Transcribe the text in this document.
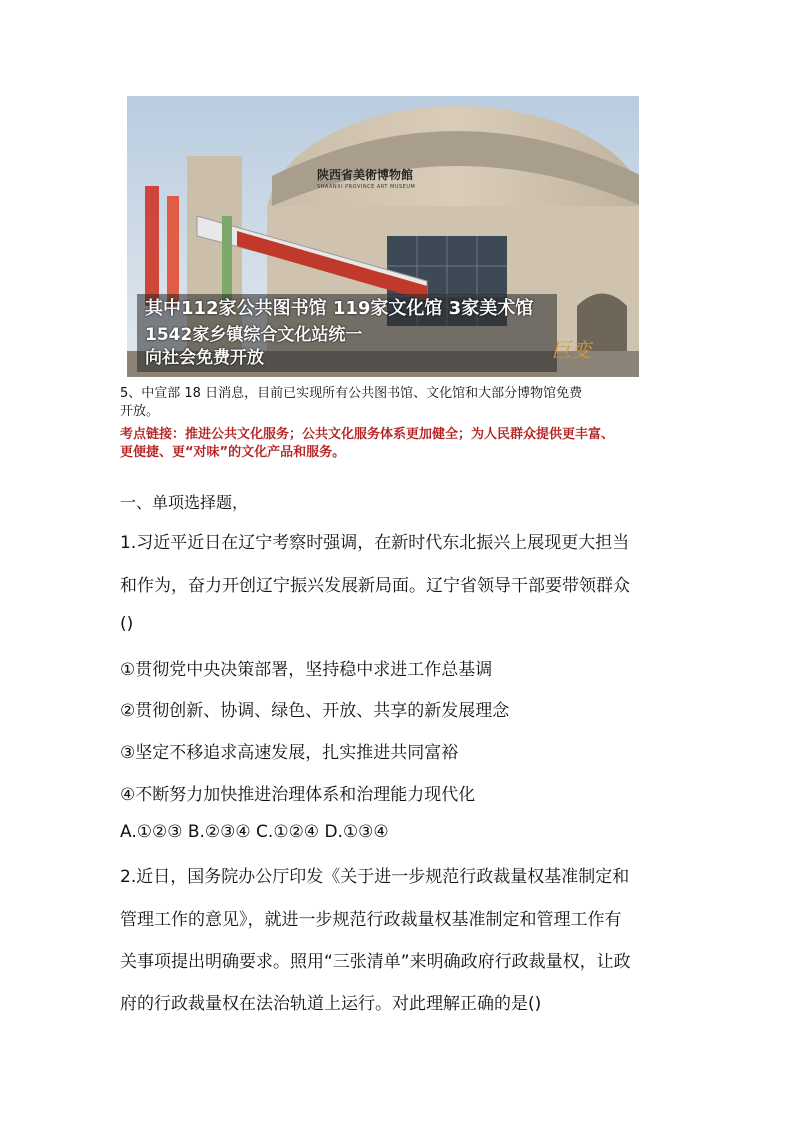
其中112家公共图书馆 119家文化馆 3家美术馆
1542家乡镇综合文化站统一
向社会免费开放
陕西省美術博物館
SHAANXI PROVINCE ART MUSEUM
巨变
5、中宣部 18 日消息，目前已实现所有公共图书馆、文化馆和大部分博物馆免费
开放。
考点链接：推进公共文化服务；公共文化服务体系更加健全；为人民群众提供更丰富、
更便捷、更“对味”的文化产品和服务。
一、单项选择题，
1.习近平近日在辽宁考察时强调，在新时代东北振兴上展现更大担当
和作为，奋力开创辽宁振兴发展新局面。辽宁省领导干部要带领群众
()
①贯彻党中央决策部署，坚持稳中求进工作总基调
②贯彻创新、协调、绿色、开放、共享的新发展理念
③坚定不移追求高速发展，扎实推进共同富裕
④不断努力加快推进治理体系和治理能力现代化
A.①②③ B.②③④ C.①②④ D.①③④
2.近日，国务院办公厅印发《关于进一步规范行政裁量权基准制定和
管理工作的意见》，就进一步规范行政裁量权基准制定和管理工作有
关事项提出明确要求。照用“三张清单”来明确政府行政裁量权，让政
府的行政裁量权在法治轨道上运行。对此理解正确的是()
